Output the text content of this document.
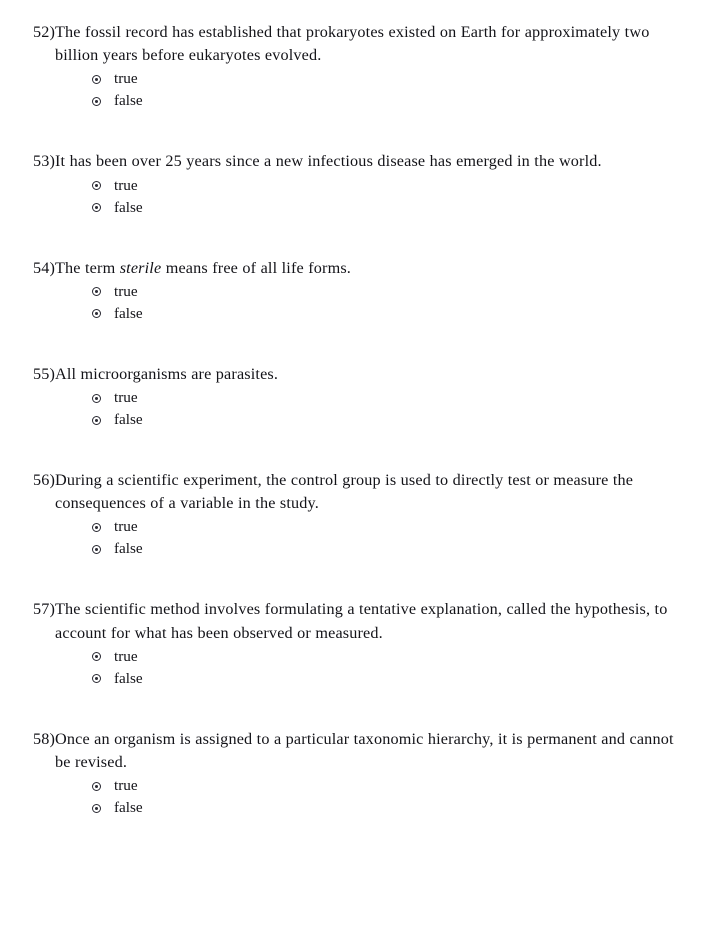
52) The fossil record has established that prokaryotes existed on Earth for approximately two billion years before eukaryotes evolved.
true
false
53) It has been over 25 years since a new infectious disease has emerged in the world.
true
false
54) The term sterile means free of all life forms.
true
false
55) All microorganisms are parasites.
true
false
56) During a scientific experiment, the control group is used to directly test or measure the consequences of a variable in the study.
true
false
57) The scientific method involves formulating a tentative explanation, called the hypothesis, to account for what has been observed or measured.
true
false
58) Once an organism is assigned to a particular taxonomic hierarchy, it is permanent and cannot be revised.
true
false
